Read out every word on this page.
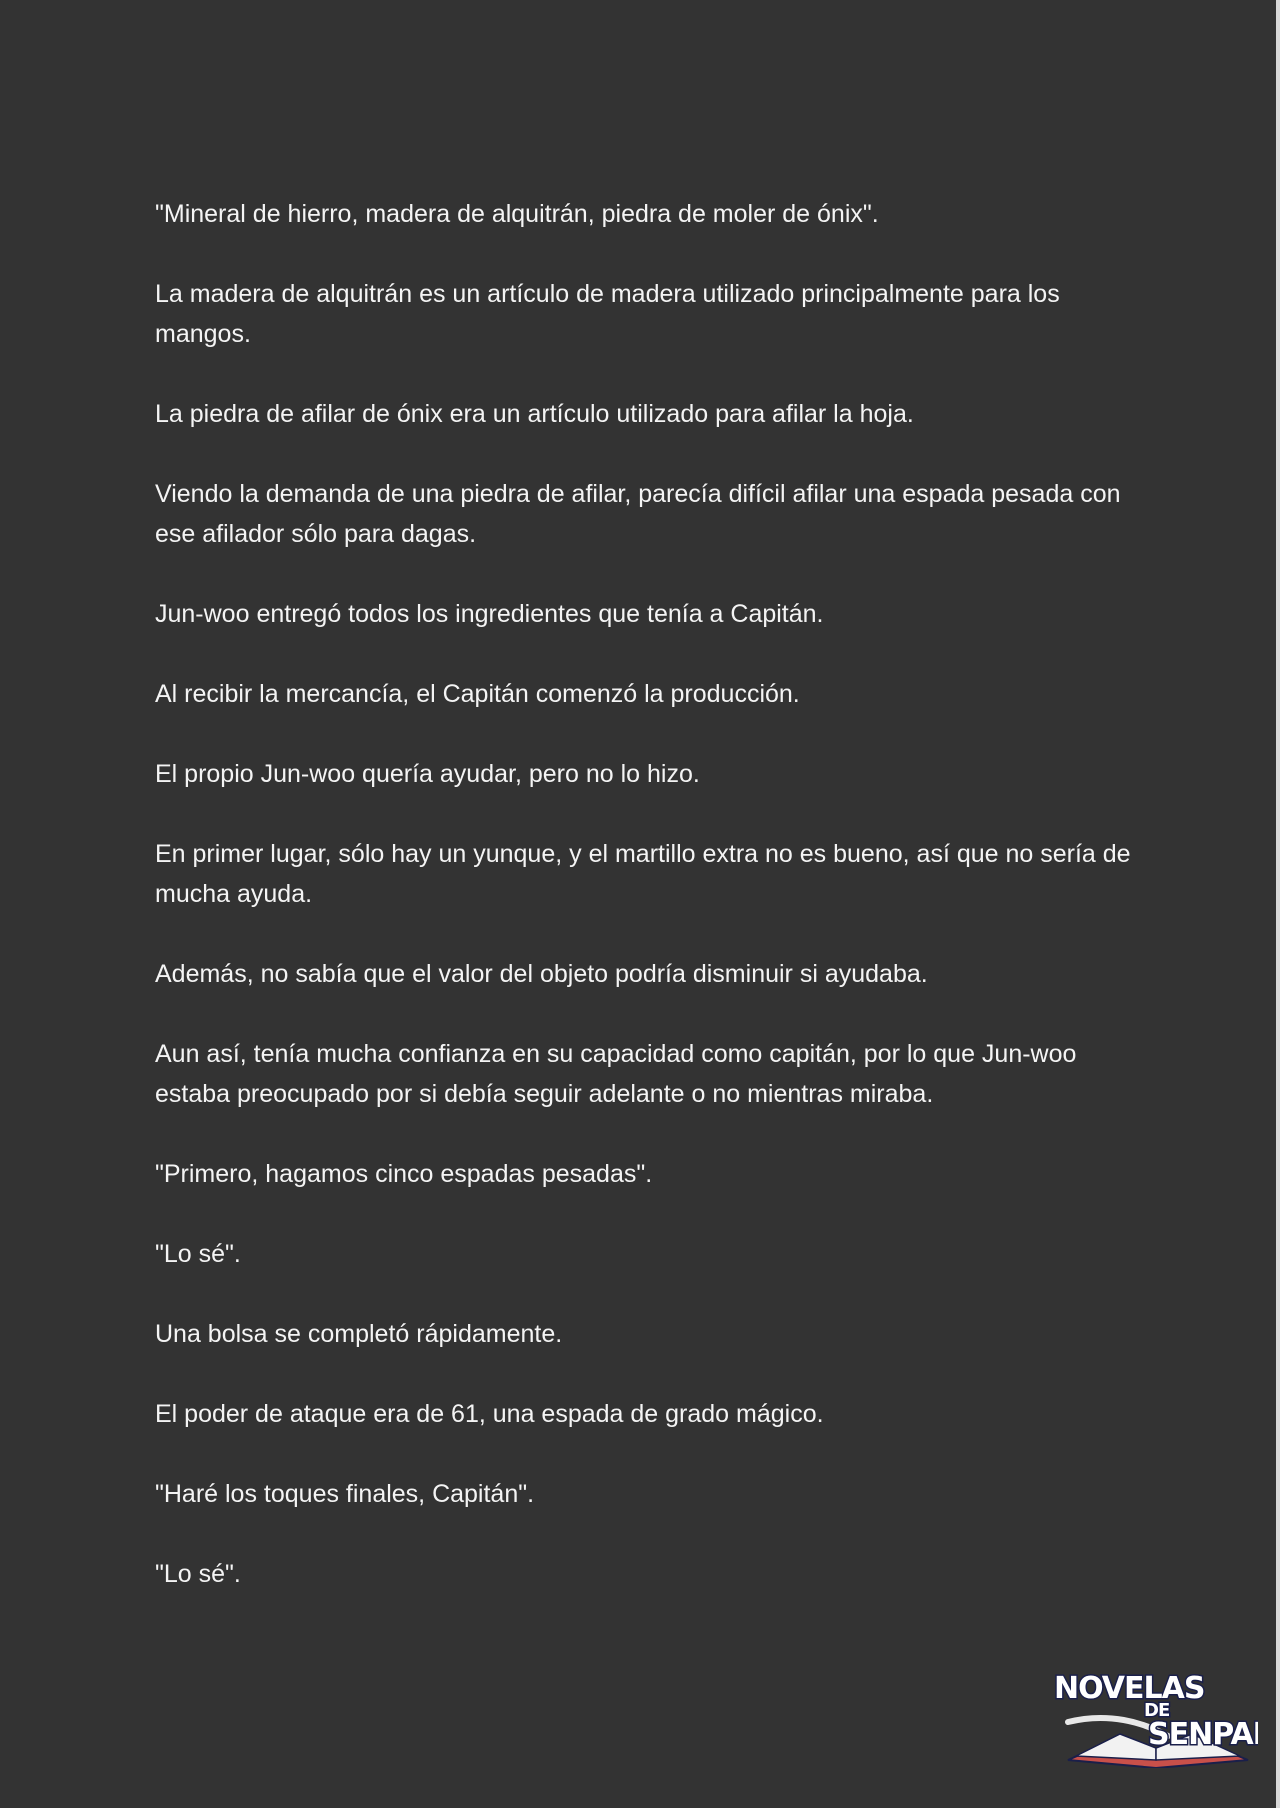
"Mineral de hierro, madera de alquitrán, piedra de moler de ónix".

La madera de alquitrán es un artículo de madera utilizado principalmente para los mangos.

La piedra de afilar de ónix era un artículo utilizado para afilar la hoja.

Viendo la demanda de una piedra de afilar, parecía difícil afilar una espada pesada con ese afilador sólo para dagas.

Jun-woo entregó todos los ingredientes que tenía a Capitán.

Al recibir la mercancía, el Capitán comenzó la producción.

El propio Jun-woo quería ayudar, pero no lo hizo.

En primer lugar, sólo hay un yunque, y el martillo extra no es bueno, así que no sería de mucha ayuda.

Además, no sabía que el valor del objeto podría disminuir si ayudaba.

Aun así, tenía mucha confianza en su capacidad como capitán, por lo que Jun-woo estaba preocupado por si debía seguir adelante o no mientras miraba.

"Primero, hagamos cinco espadas pesadas".

"Lo sé".

Una bolsa se completó rápidamente.

El poder de ataque era de 61, una espada de grado mágico.

"Haré los toques finales, Capitán".

"Lo sé".

NOVELAS
DE
SENPAI
